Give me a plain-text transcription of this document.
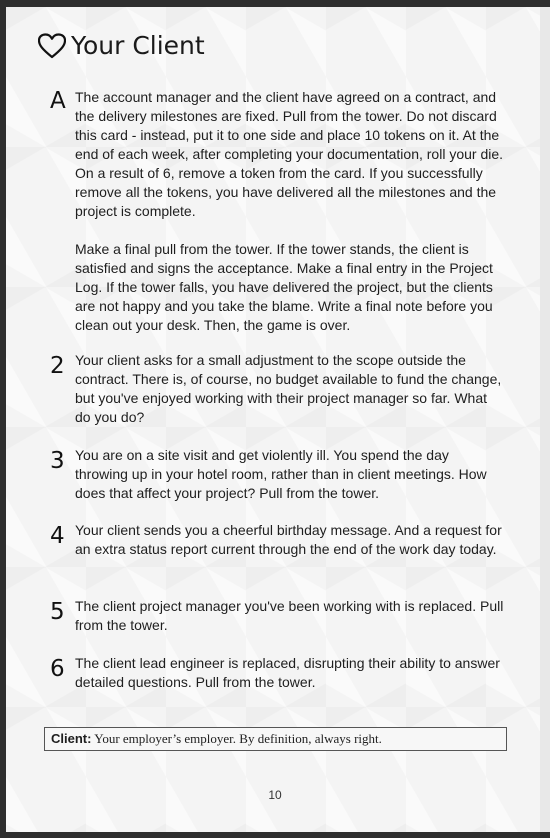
Your Client
A The account manager and the client have agreed on a contract, and the delivery milestones are fixed. Pull from the tower. Do not discard this card - instead, put it to one side and place 10 tokens on it. At the end of each week, after completing your documentation, roll your die. On a result of 6, remove a token from the card. If you successfully remove all the tokens, you have delivered all the milestones and the project is complete.

Make a final pull from the tower. If the tower stands, the client is satisfied and signs the acceptance. Make a final entry in the Project Log. If the tower falls, you have delivered the project, but the clients are not happy and you take the blame. Write a final note before you clean out your desk. Then, the game is over.

2 Your client asks for a small adjustment to the scope outside the contract. There is, of course, no budget available to fund the change, but you've enjoyed working with their project manager so far. What do you do?

3 You are on a site visit and get violently ill. You spend the day throwing up in your hotel room, rather than in client meetings. How does that affect your project? Pull from the tower.

4 Your client sends you a cheerful birthday message. And a request for an extra status report current through the end of the work day today.

5 The client project manager you've been working with is replaced. Pull from the tower.

6 The client lead engineer is replaced, disrupting their ability to answer detailed questions. Pull from the tower.

Client: Your employer’s employer. By definition, always right.
10
